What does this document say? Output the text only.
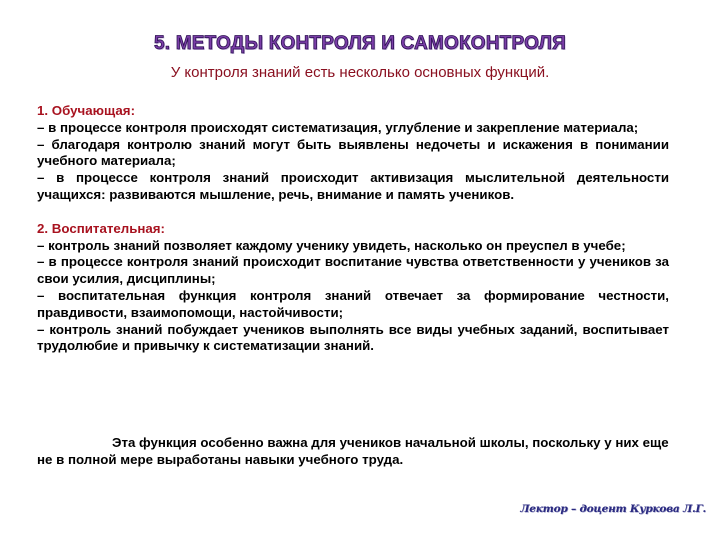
5. МЕТОДЫ КОНТРОЛЯ И САМОКОНТРОЛЯ
У контроля знаний есть несколько основных функций.
1. Обучающая:
– в процессе контроля происходят систематизация, углубление и закрепление материала;
– благодаря контролю знаний могут быть выявлены недочеты и искажения в понимании учебного материала;
– в процессе контроля знаний происходит активизация мыслительной деятельности учащихся: развиваются мышление, речь, внимание и память учеников.
2. Воспитательная:
– контроль знаний позволяет каждому ученику увидеть, насколько он преуспел в учебе;
– в процессе контроля знаний происходит воспитание чувства ответственности у учеников за свои усилия, дисциплины;
– воспитательная функция контроля знаний отвечает за формирование честности, правдивости, взаимопомощи, настойчивости;
– контроль знаний побуждает учеников выполнять все виды учебных заданий, воспитывает трудолюбие и привычку к систематизации знаний.
Эта функция особенно важна для учеников начальной школы, поскольку у них еще не в полной мере выработаны навыки учебного труда.
Лектор – доцент Куркова Л.Г.
